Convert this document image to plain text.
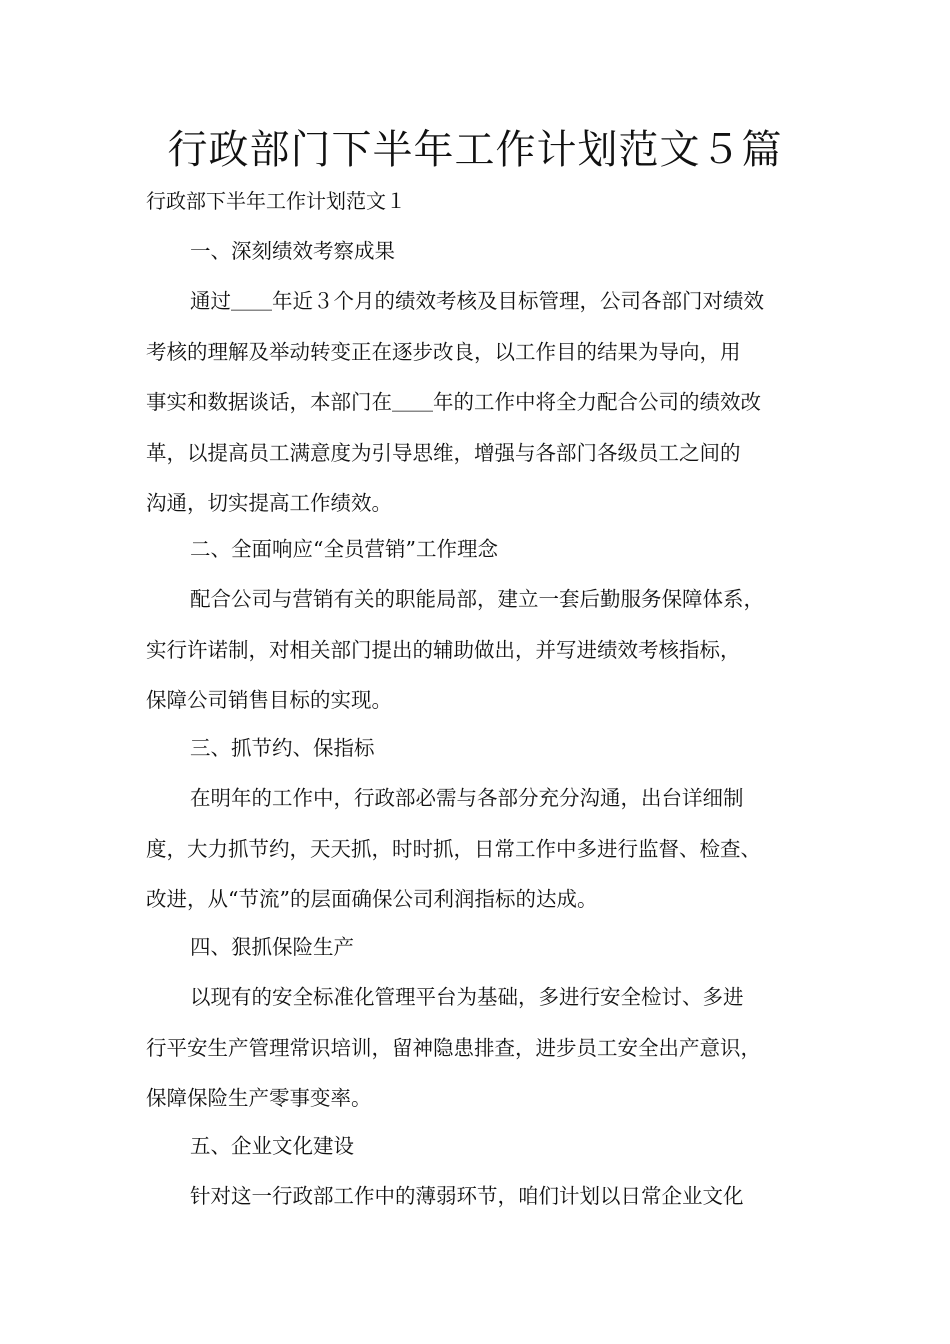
行政部门下半年工作计划范文５篇

行政部下半年工作计划范文１

一、深刻绩效考察成果

通过＿＿年近３个月的绩效考核及目标管理，公司各部门对绩效
考核的理解及举动转变正在逐步改良，以工作目的结果为导向，用
事实和数据谈话，本部门在＿＿年的工作中将全力配合公司的绩效改
革，以提高员工满意度为引导思维，增强与各部门各级员工之间的
沟通，切实提高工作绩效。

二、全面响应“全员营销”工作理念

配合公司与营销有关的职能局部，建立一套后勤服务保障体系，
实行许诺制，对相关部门提出的辅助做出，并写进绩效考核指标，
保障公司销售目标的实现。

三、抓节约、保指标

在明年的工作中，行政部必需与各部分充分沟通，出台详细制
度，大力抓节约，天天抓，时时抓，日常工作中多进行监督、检查、
改进，从“节流”的层面确保公司利润指标的达成。

四、狠抓保险生产

以现有的安全标准化管理平台为基础，多进行安全检讨、多进
行平安生产管理常识培训，留神隐患排查，进步员工安全出产意识，
保障保险生产零事变率。

五、企业文化建设

针对这一行政部工作中的薄弱环节，咱们计划以日常企业文化
